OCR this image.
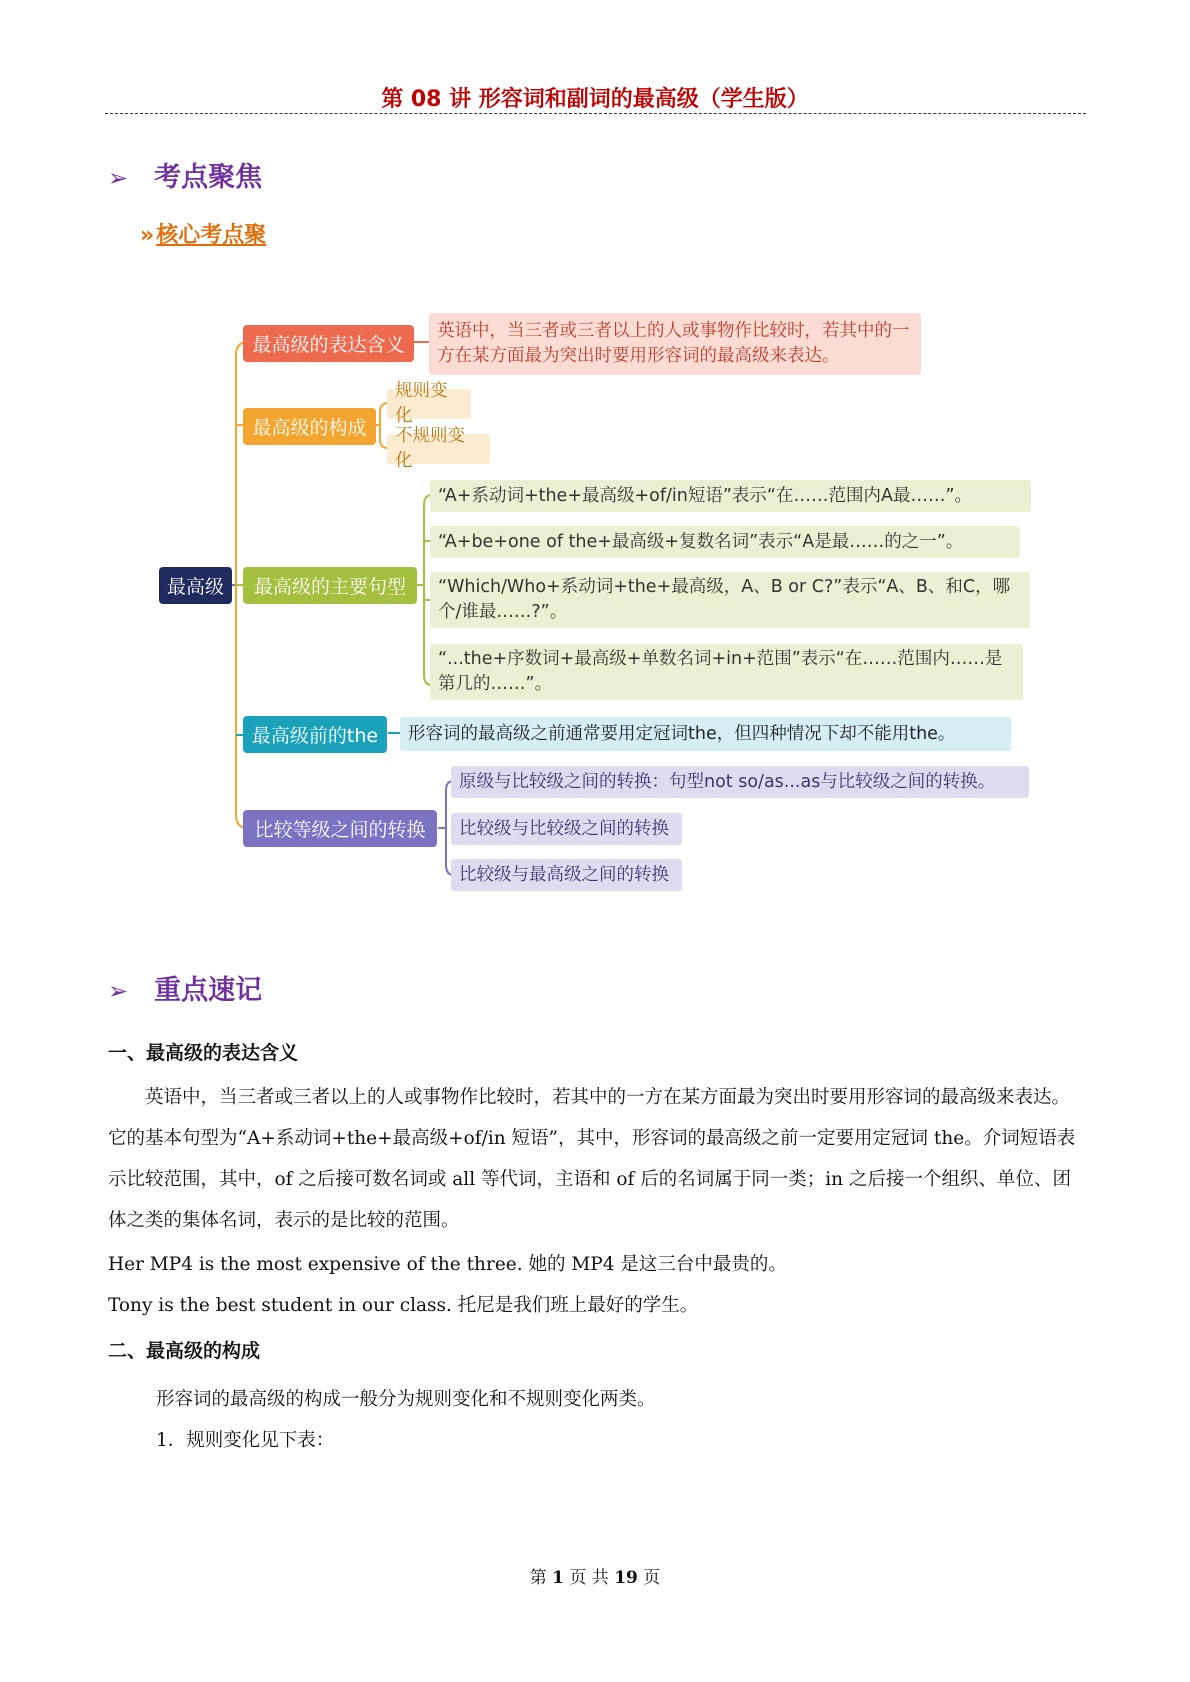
第 08 讲 形容词和副词的最高级（学生版）
➢ 考点聚焦
»核心考点聚
最高级
最高级的表达含义
英语中，当三者或三者以上的人或事物作比较时，若其中的一方在某方面最为突出时要用形容词的最高级来表达。
最高级的构成
规则变化
不规则变化
最高级的主要句型
“A+系动词+the+最高级+of/in短语”表示“在……范围内A最……”。
“A+be+one of the+最高级+复数名词”表示“A是最……的之一”。
“Which/Who+系动词+the+最高级，A、B or C?”表示“A、B、和C，哪个/谁最……?”。
“...the+序数词+最高级+单数名词+in+范围”表示“在……范围内……是第几的……”。
最高级前的the	形容词的最高级之前通常要用定冠词the，但四种情况下却不能用the。
比较等级之间的转换
原级与比较级之间的转换：句型not so/as...as与比较级之间的转换。
比较级与比较级之间的转换
比较级与最高级之间的转换
➢ 重点速记
一、最高级的表达含义
英语中，当三者或三者以上的人或事物作比较时，若其中的一方在某方面最为突出时要用形容词的最高级来表达。它的基本句型为“A+系动词+the+最高级+of/in 短语”，其中，形容词的最高级之前一定要用定冠词 the。介词短语表示比较范围，其中，of 之后接可数名词或 all 等代词，主语和 of 后的名词属于同一类；in 之后接一个组织、单位、团体之类的集体名词，表示的是比较的范围。
Her MP4 is the most expensive of the three. 她的 MP4 是这三台中最贵的。
Tony is the best student in our class. 托尼是我们班上最好的学生。
二、最高级的构成
形容词的最高级的构成一般分为规则变化和不规则变化两类。
1．规则变化见下表：
第 1 页 共 19 页
